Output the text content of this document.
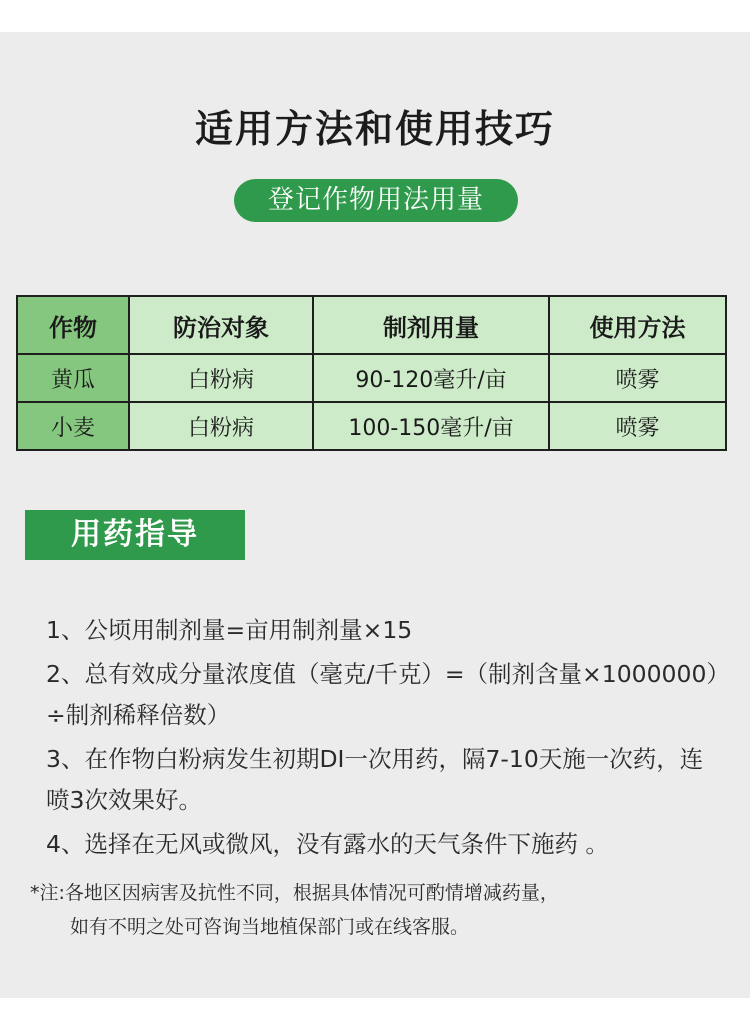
适用方法和使用技巧
登记作物用法用量
作物	防治对象	制剂用量	使用方法
黄瓜	白粉病	90-120毫升/亩	喷雾
小麦	白粉病	100-150毫升/亩	喷雾
用药指导

1、公顷用制剂量=亩用制剂量×15

2、总有效成分量浓度值（毫克/千克）=（制剂含量×1000000）÷制剂稀释倍数）

3、在作物白粉病发生初期DI一次用药，隔7-10天施一次药，连喷3次效果好。

4、选择在无风或微风，没有露水的天气条件下施药 。

*注:各地区因病害及抗性不同，根据具体情况可酌情增减药量，
如有不明之处可咨询当地植保部门或在线客服。
